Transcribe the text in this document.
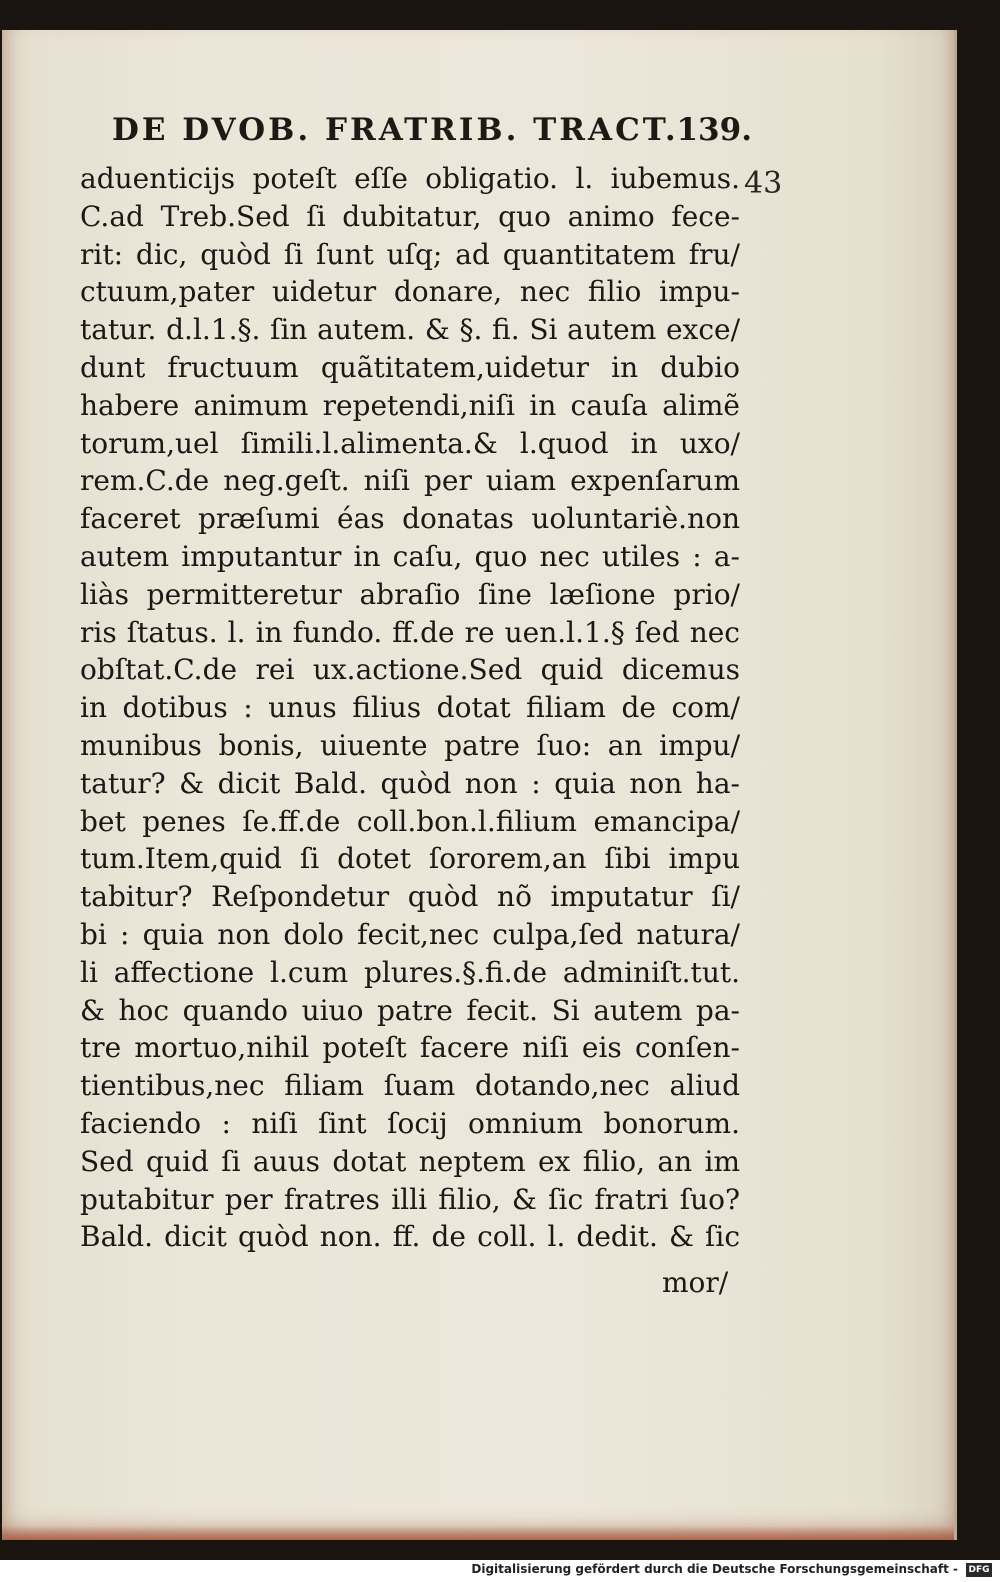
DE DVOB. FRATRIB. TRACT.
139.
43
aduenticijs poteſt eſſe obligatio. l. iubemus.
C.ad Treb.Sed ſi dubitatur, quo animo fece-
rit: dic, quòd ſi ſunt uſq; ad quantitatem fru/
ctuum,pater uidetur donare, nec filio impu-
tatur. d.l.1.§. ſin autem. & §. fi. Si autem exce/
dunt fructuum quãtitatem,uidetur in dubio
habere animum repetendi,niſi in cauſa alimẽ
torum,uel ſimili.l.alimenta.& l.quod in uxo/
rem.C.de neg.geſt. niſi per uiam expenſarum
faceret præſumi éas donatas uoluntariè.non
autem imputantur in caſu, quo nec utiles : a-
liàs permitteretur abraſio ſine læſione prio/
ris ſtatus. l. in fundo. ff.de re uen.l.1.§ ſed nec
obſtat.C.de rei ux.actione.Sed quid dicemus
in dotibus : unus filius dotat filiam de com/
munibus bonis, uiuente patre ſuo: an impu/
tatur? & dicit Bald. quòd non : quia non ha-
bet penes ſe.ff.de coll.bon.l.filium emancipa/
tum.Item,quid ſi dotet ſororem,an ſibi impu
tabitur? Reſpondetur quòd nõ imputatur ſi/
bi : quia non dolo fecit,nec culpa,ſed natura/
li affectione l.cum plures.§.fi.de adminiſt.tut.
& hoc quando uiuo patre fecit. Si autem pa-
tre mortuo,nihil poteſt facere niſi eis conſen-
tientibus,nec filiam ſuam dotando,nec aliud
faciendo : niſi ſint ſocij omnium bonorum.
Sed quid ſi auus dotat neptem ex filio, an im
putabitur per fratres illi filio, & ſic fratri ſuo?
Bald. dicit quòd non. ff. de coll. l. dedit. & ſic
mor/
Digitalisierung gefördert durch die Deutsche Forschungsgemeinschaft - DFG
